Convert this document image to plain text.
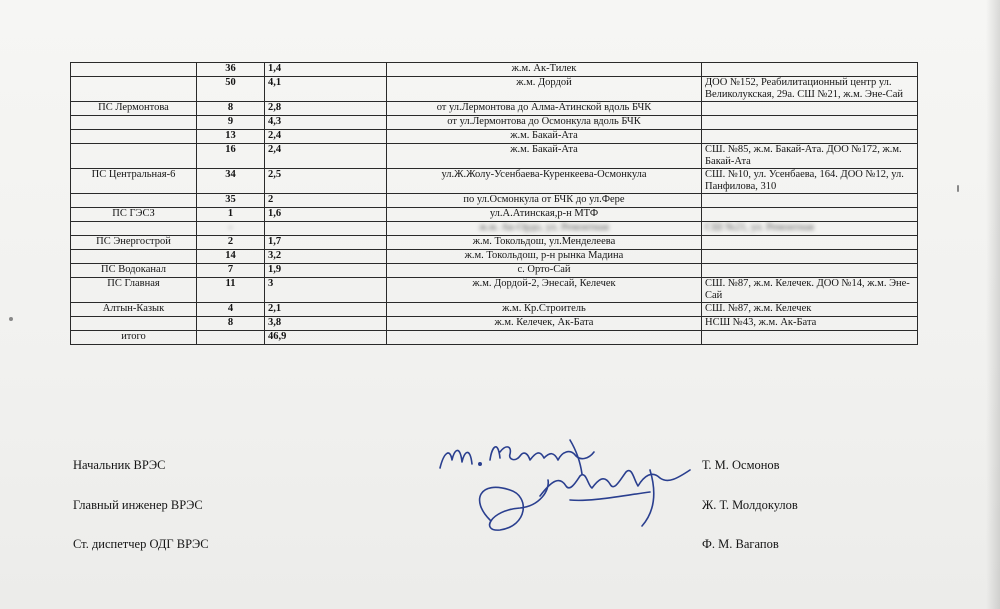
	36	1,4	ж.м. Ак-Тилек	
	50	4,1	ж.м. Дордой	ДОО №152, Реабилитационный центр ул. Великолукская, 29а. СШ №21, ж.м. Эне-Сай
ПС Лермонтова	8	2,8	от ул.Лермонтова до Алма-Атинской вдоль БЧК	
	9	4,3	от ул.Лермонтова до Осмонкула вдоль БЧК	
	13	2,4	ж.м. Бакай-Ата	
	16	2,4	ж.м. Бакай-Ата	СШ. №85, ж.м. Бакай-Ата. ДОО №172, ж.м. Бакай-Ата
ПС Центральная-6	34	2,5	ул.Ж.Жолу-Усенбаева-Куренкеева-Осмонкула	СШ. №10, ул. Усенбаева, 164. ДОО №12, ул. Панфилова, 310
	35	2	по ул.Осмонкула от БЧК до ул.Фере	
ПС ГЭСЗ	1	1,6	ул.А.Атинская,р-н МТФ	
	-		ж.м. Ак-Ордо, ул. Ремонтная	СШ №21, ул. Ремонтная
ПС Энергострой	2	1,7	ж.м. Токольдош, ул.Менделеева	
	14	3,2	ж.м. Токольдош, р-н рынка Мадина	
ПС Водоканал	7	1,9	с. Орто-Сай	
ПС Главная	11	3	ж.м. Дордой-2, Энесай, Келечек	СШ. №87, ж.м. Келечек. ДОО №14, ж.м. Эне-Сай
Алтын-Казык	4	2,1	ж.м. Кр.Строитель	СШ. №87, ж.м. Келечек
	8	3,8	ж.м. Келечек, Ак-Бата	НСШ №43, ж.м. Ак-Бата
итого		46,9		
Начальник ВРЭС	Т. М. Осмонов
Главный инженер ВРЭС	Ж. Т. Молдокулов
Ст. диспетчер ОДГ ВРЭС	Ф. М. Вагапов
